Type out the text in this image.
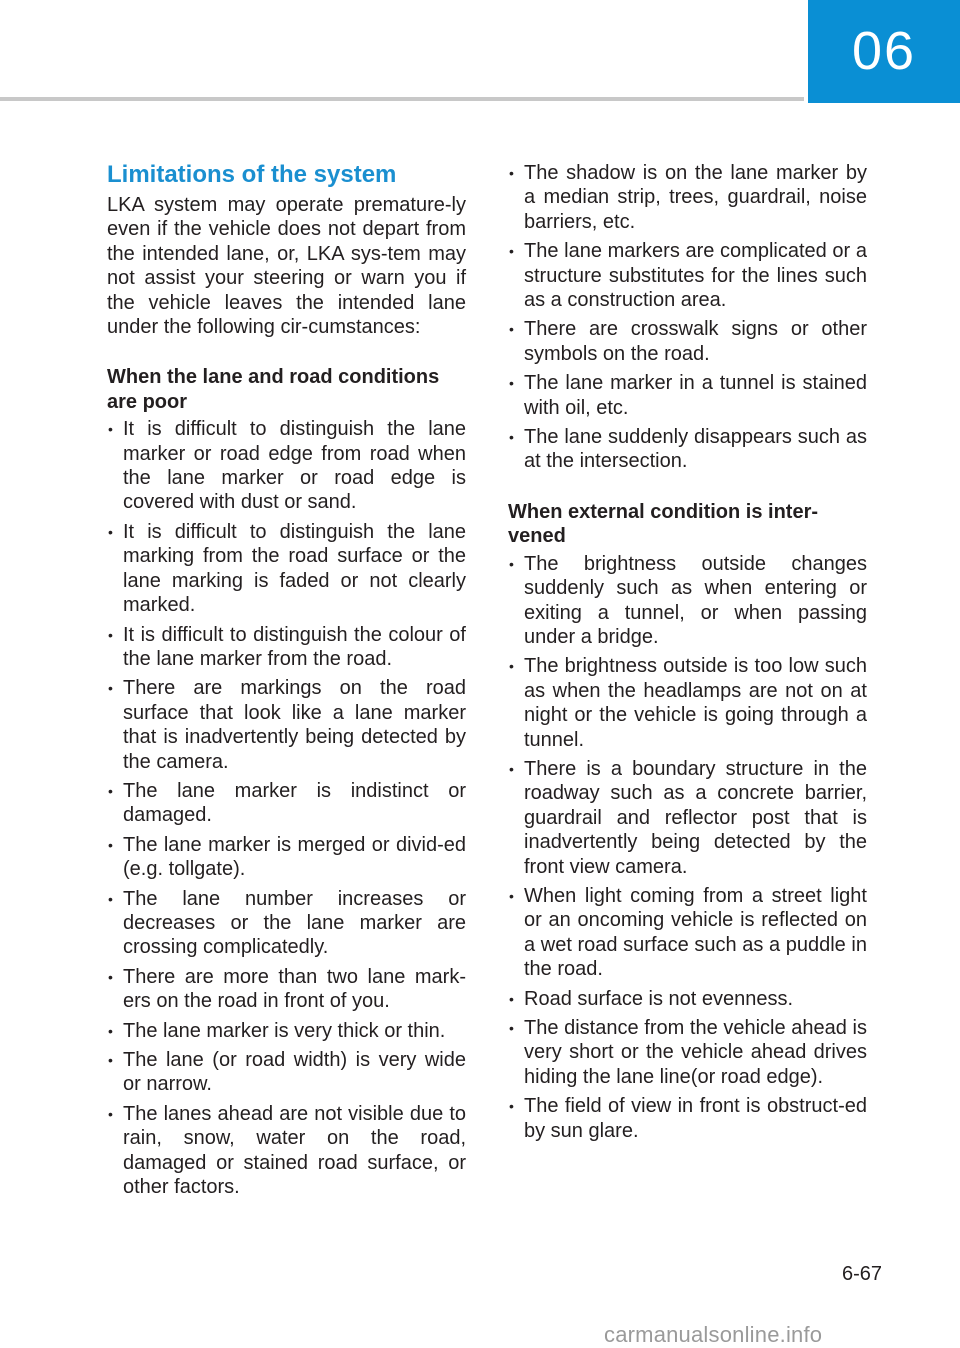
06
Limitations of the system

LKA system may operate premature-ly even if the vehicle does not depart from the intended lane, or, LKA sys-tem may not assist your steering or warn you if the vehicle leaves the intended lane under the following cir-cumstances:

When the lane and road conditions are poor
• It is difficult to distinguish the lane marker or road edge from road when the lane marker or road edge is covered with dust or sand.
• It is difficult to distinguish the lane marking from the road surface or the lane marking is faded or not clearly marked.
• It is difficult to distinguish the colour of the lane marker from the road.
• There are markings on the road surface that look like a lane marker that is inadvertently being detected by the camera.
• The lane marker is indistinct or damaged.
• The lane marker is merged or divid-ed (e.g. tollgate).
• The lane number increases or decreases or the lane marker are crossing complicatedly.
• There are more than two lane mark-ers on the road in front of you.
• The lane marker is very thick or thin.
• The lane (or road width) is very wide or narrow.
• The lanes ahead are not visible due to rain, snow, water on the road, damaged or stained road surface, or other factors.
• The shadow is on the lane marker by a median strip, trees, guardrail, noise barriers, etc.
• The lane markers are complicated or a structure substitutes for the lines such as a construction area.
• There are crosswalk signs or other symbols on the road.
• The lane marker in a tunnel is stained with oil, etc.
• The lane suddenly disappears such as at the intersection.
When external condition is inter-vened
• The brightness outside changes suddenly such as when entering or exiting a tunnel, or when passing under a bridge.
• The brightness outside is too low such as when the headlamps are not on at night or the vehicle is going through a tunnel.
• There is a boundary structure in the roadway such as a concrete barrier, guardrail and reflector post that is inadvertently being detected by the front view camera.
• When light coming from a street light or an oncoming vehicle is reflected on a wet road surface such as a puddle in the road.
• Road surface is not evenness.
• The distance from the vehicle ahead is very short or the vehicle ahead drives hiding the lane line(or road edge).
• The field of view in front is obstruct-ed by sun glare.
6-67
carmanualsonline.info
